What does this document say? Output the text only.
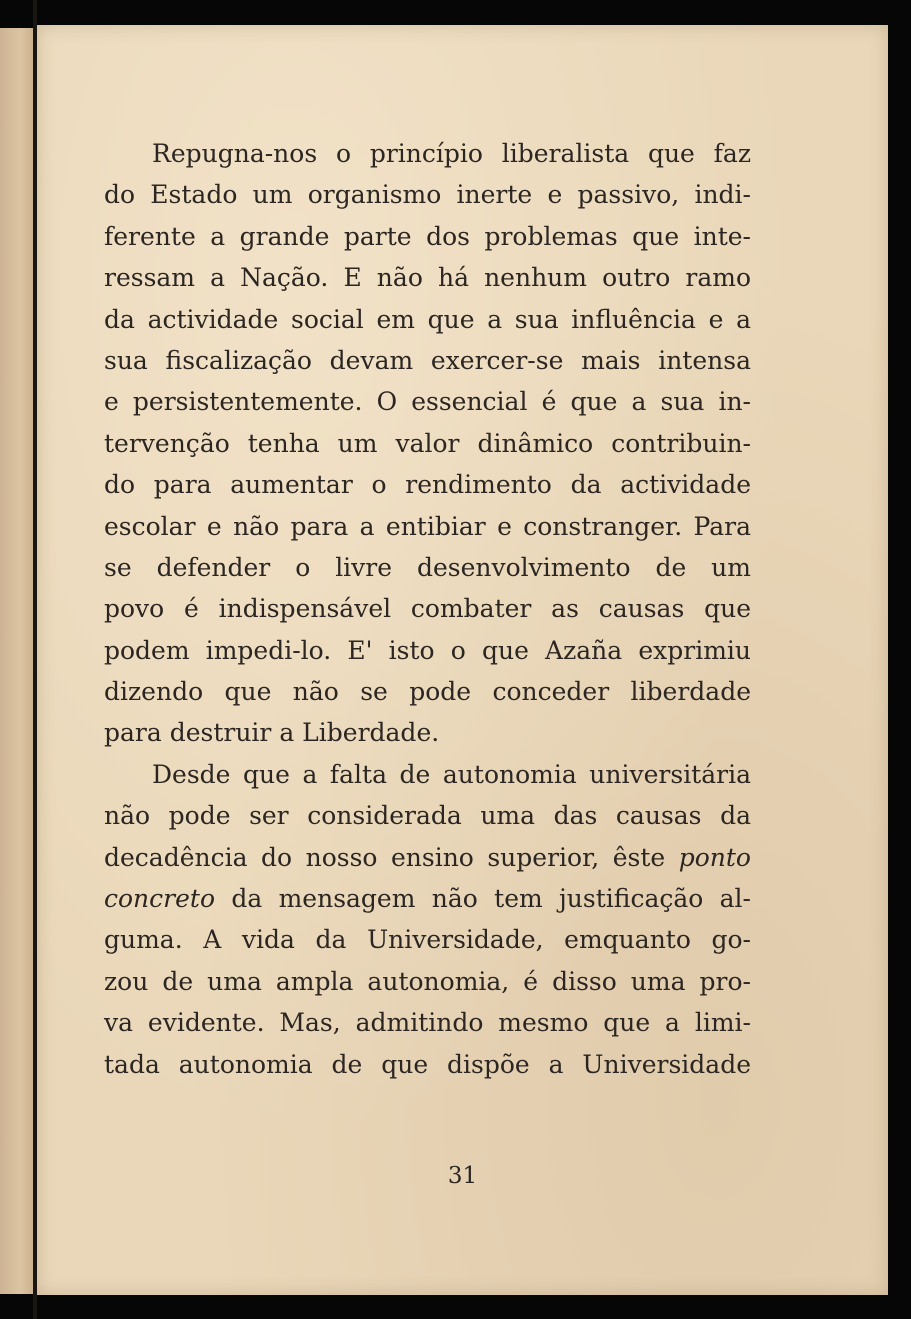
Repugna-nos o princípio liberalista que faz
do Estado um organismo inerte e passivo, indi-
ferente a grande parte dos problemas que inte-
ressam a Nação. E não há nenhum outro ramo
da actividade social em que a sua influência e a
sua fiscalização devam exercer-se mais intensa
e persistentemente. O essencial é que a sua in-
tervenção tenha um valor dinâmico contribuin-
do para aumentar o rendimento da actividade
escolar e não para a entibiar e constranger. Para
se defender o livre desenvolvimento de um
povo é indispensável combater as causas que
podem impedi-lo. E' isto o que Azaña exprimiu
dizendo que não se pode conceder liberdade
para destruir a Liberdade.
Desde que a falta de autonomia universitária
não pode ser considerada uma das causas da
decadência do nosso ensino superior, êste ponto
concreto da mensagem não tem justificação al-
guma. A vida da Universidade, emquanto go-
zou de uma ampla autonomia, é disso uma pro-
va evidente. Mas, admitindo mesmo que a limi-
tada autonomia de que dispõe a Universidade
31
